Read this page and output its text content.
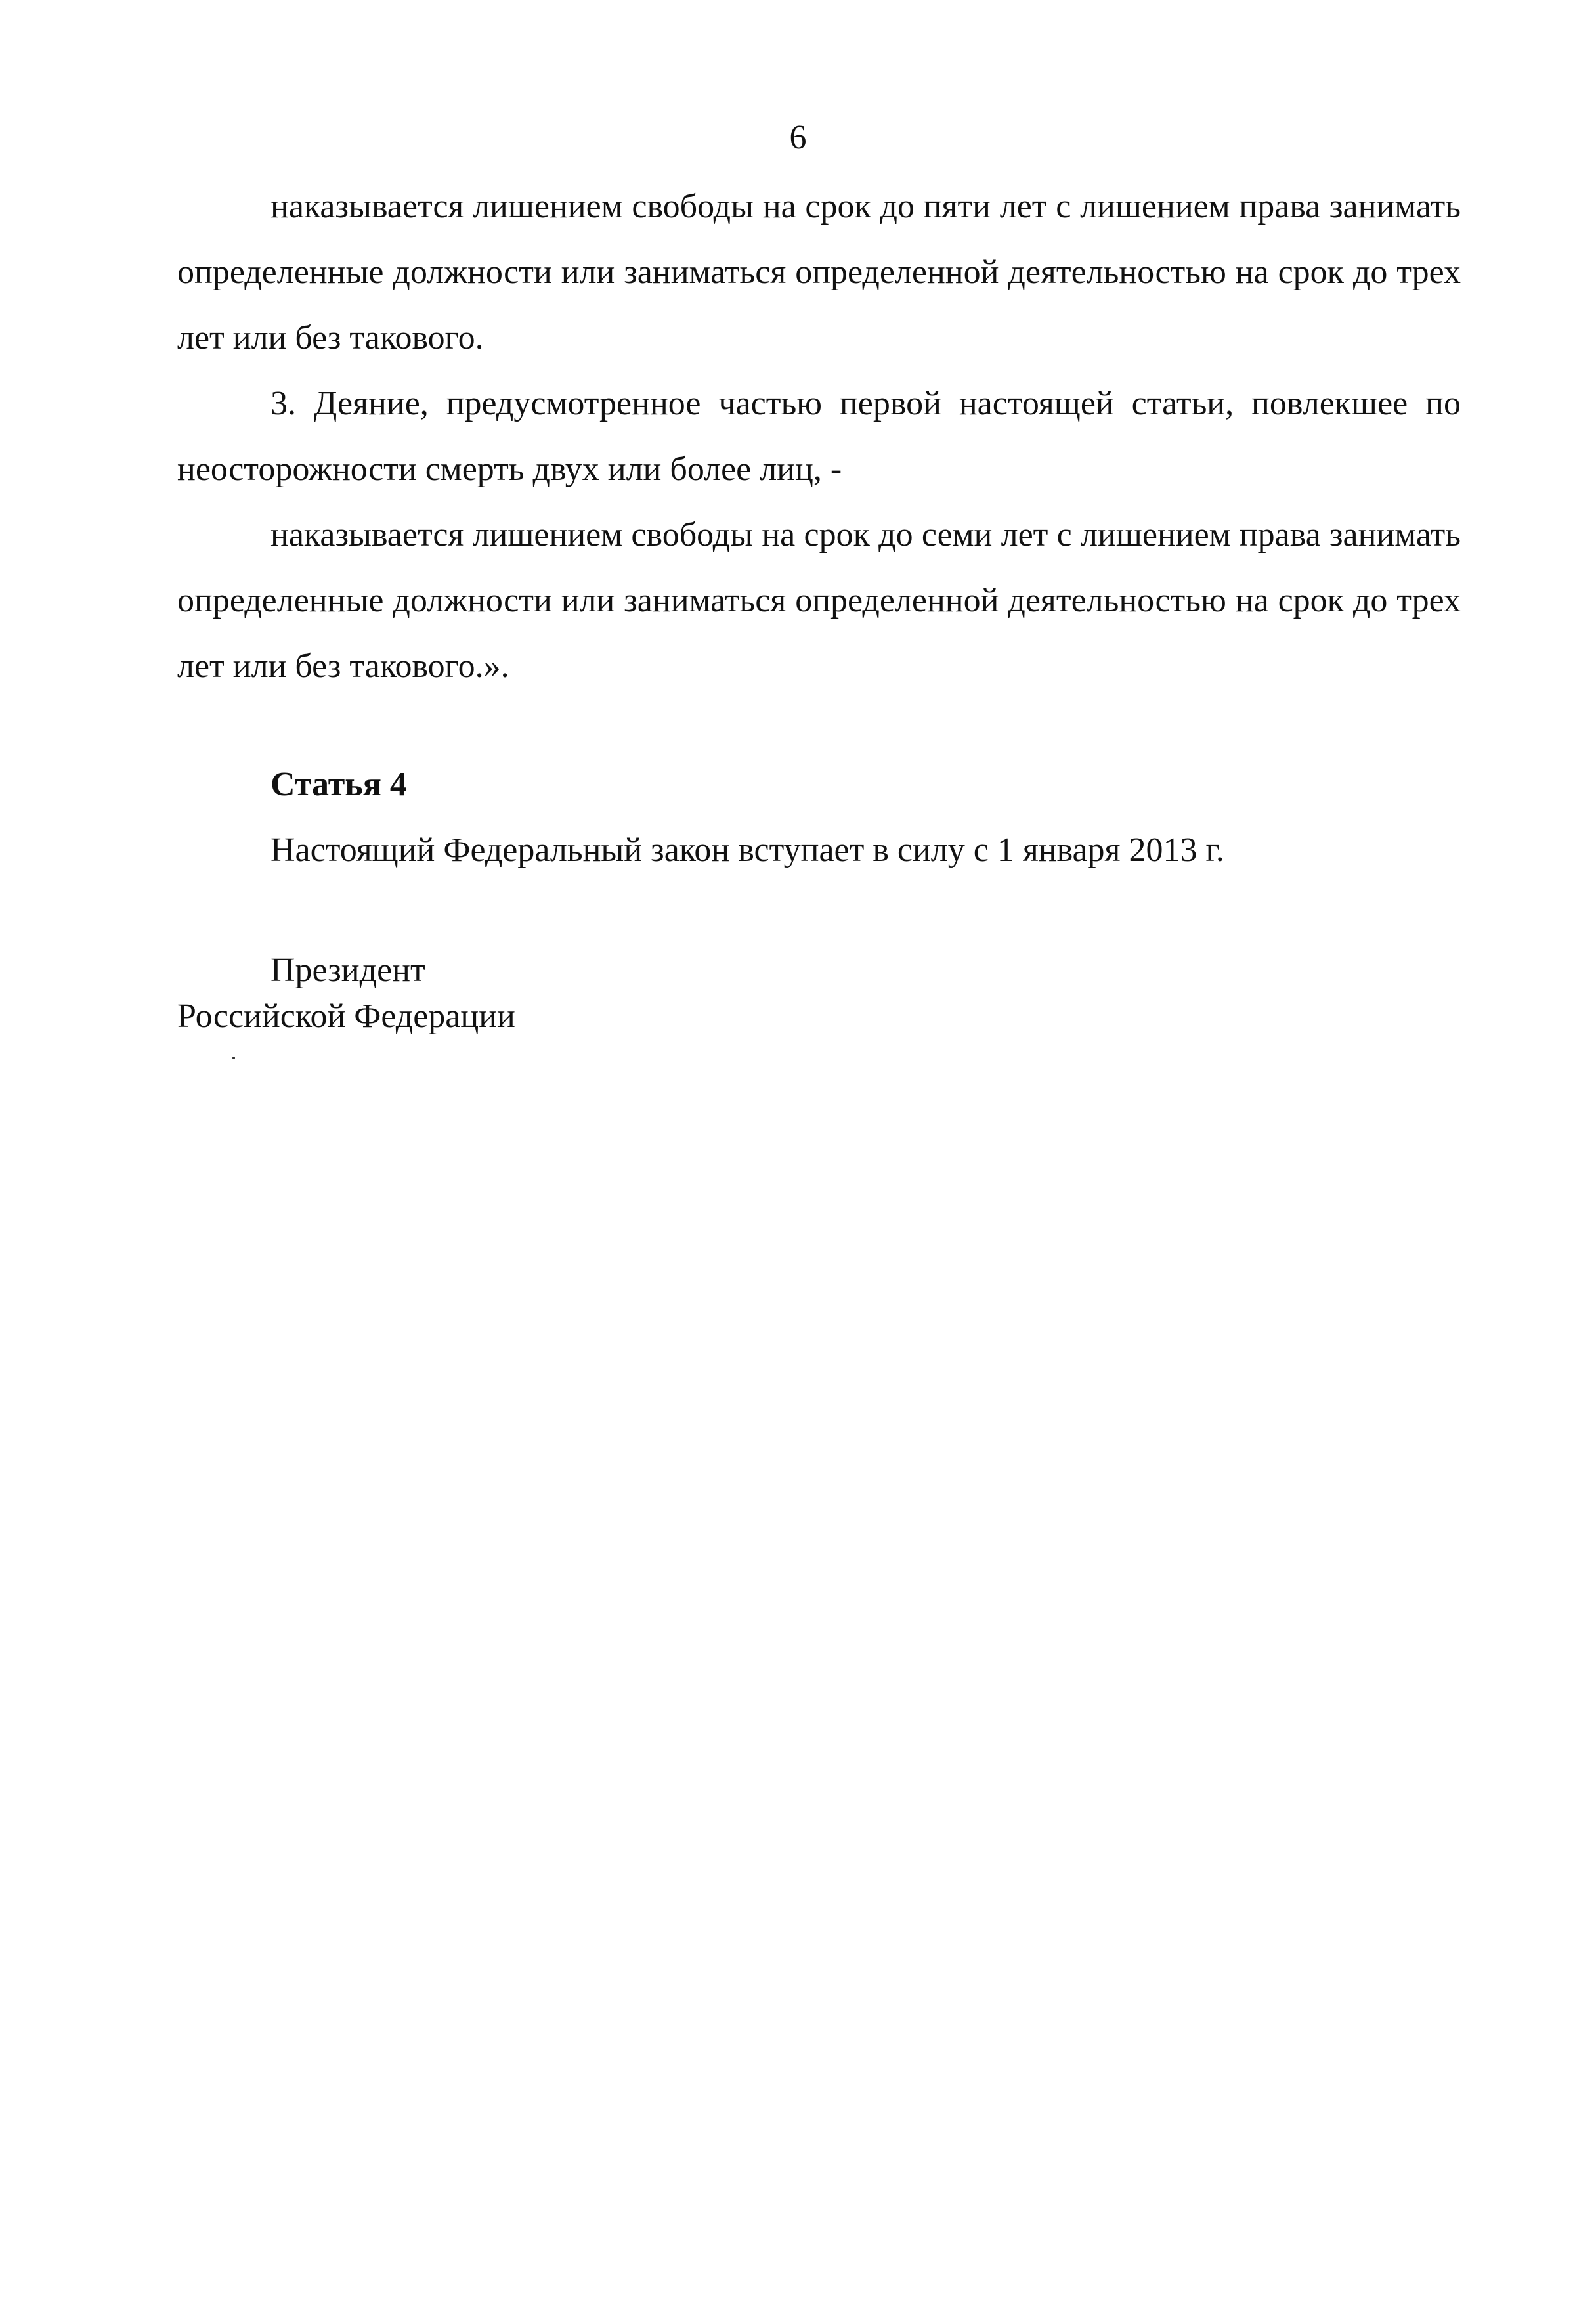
6

наказывается лишением свободы на срок до пяти лет с лишением права занимать определенные должности или заниматься определенной деятельностью на срок до трех лет или без такового.

3. Деяние, предусмотренное частью первой настоящей статьи, повлекшее по неосторожности смерть двух или более лиц, -

наказывается лишением свободы на срок до семи лет с лишением права занимать определенные должности или заниматься определенной деятельностью на срок до трех лет или без такового.».

Статья 4

Настоящий Федеральный закон вступает в силу с 1 января 2013 г.

Президент
Российской Федерации
